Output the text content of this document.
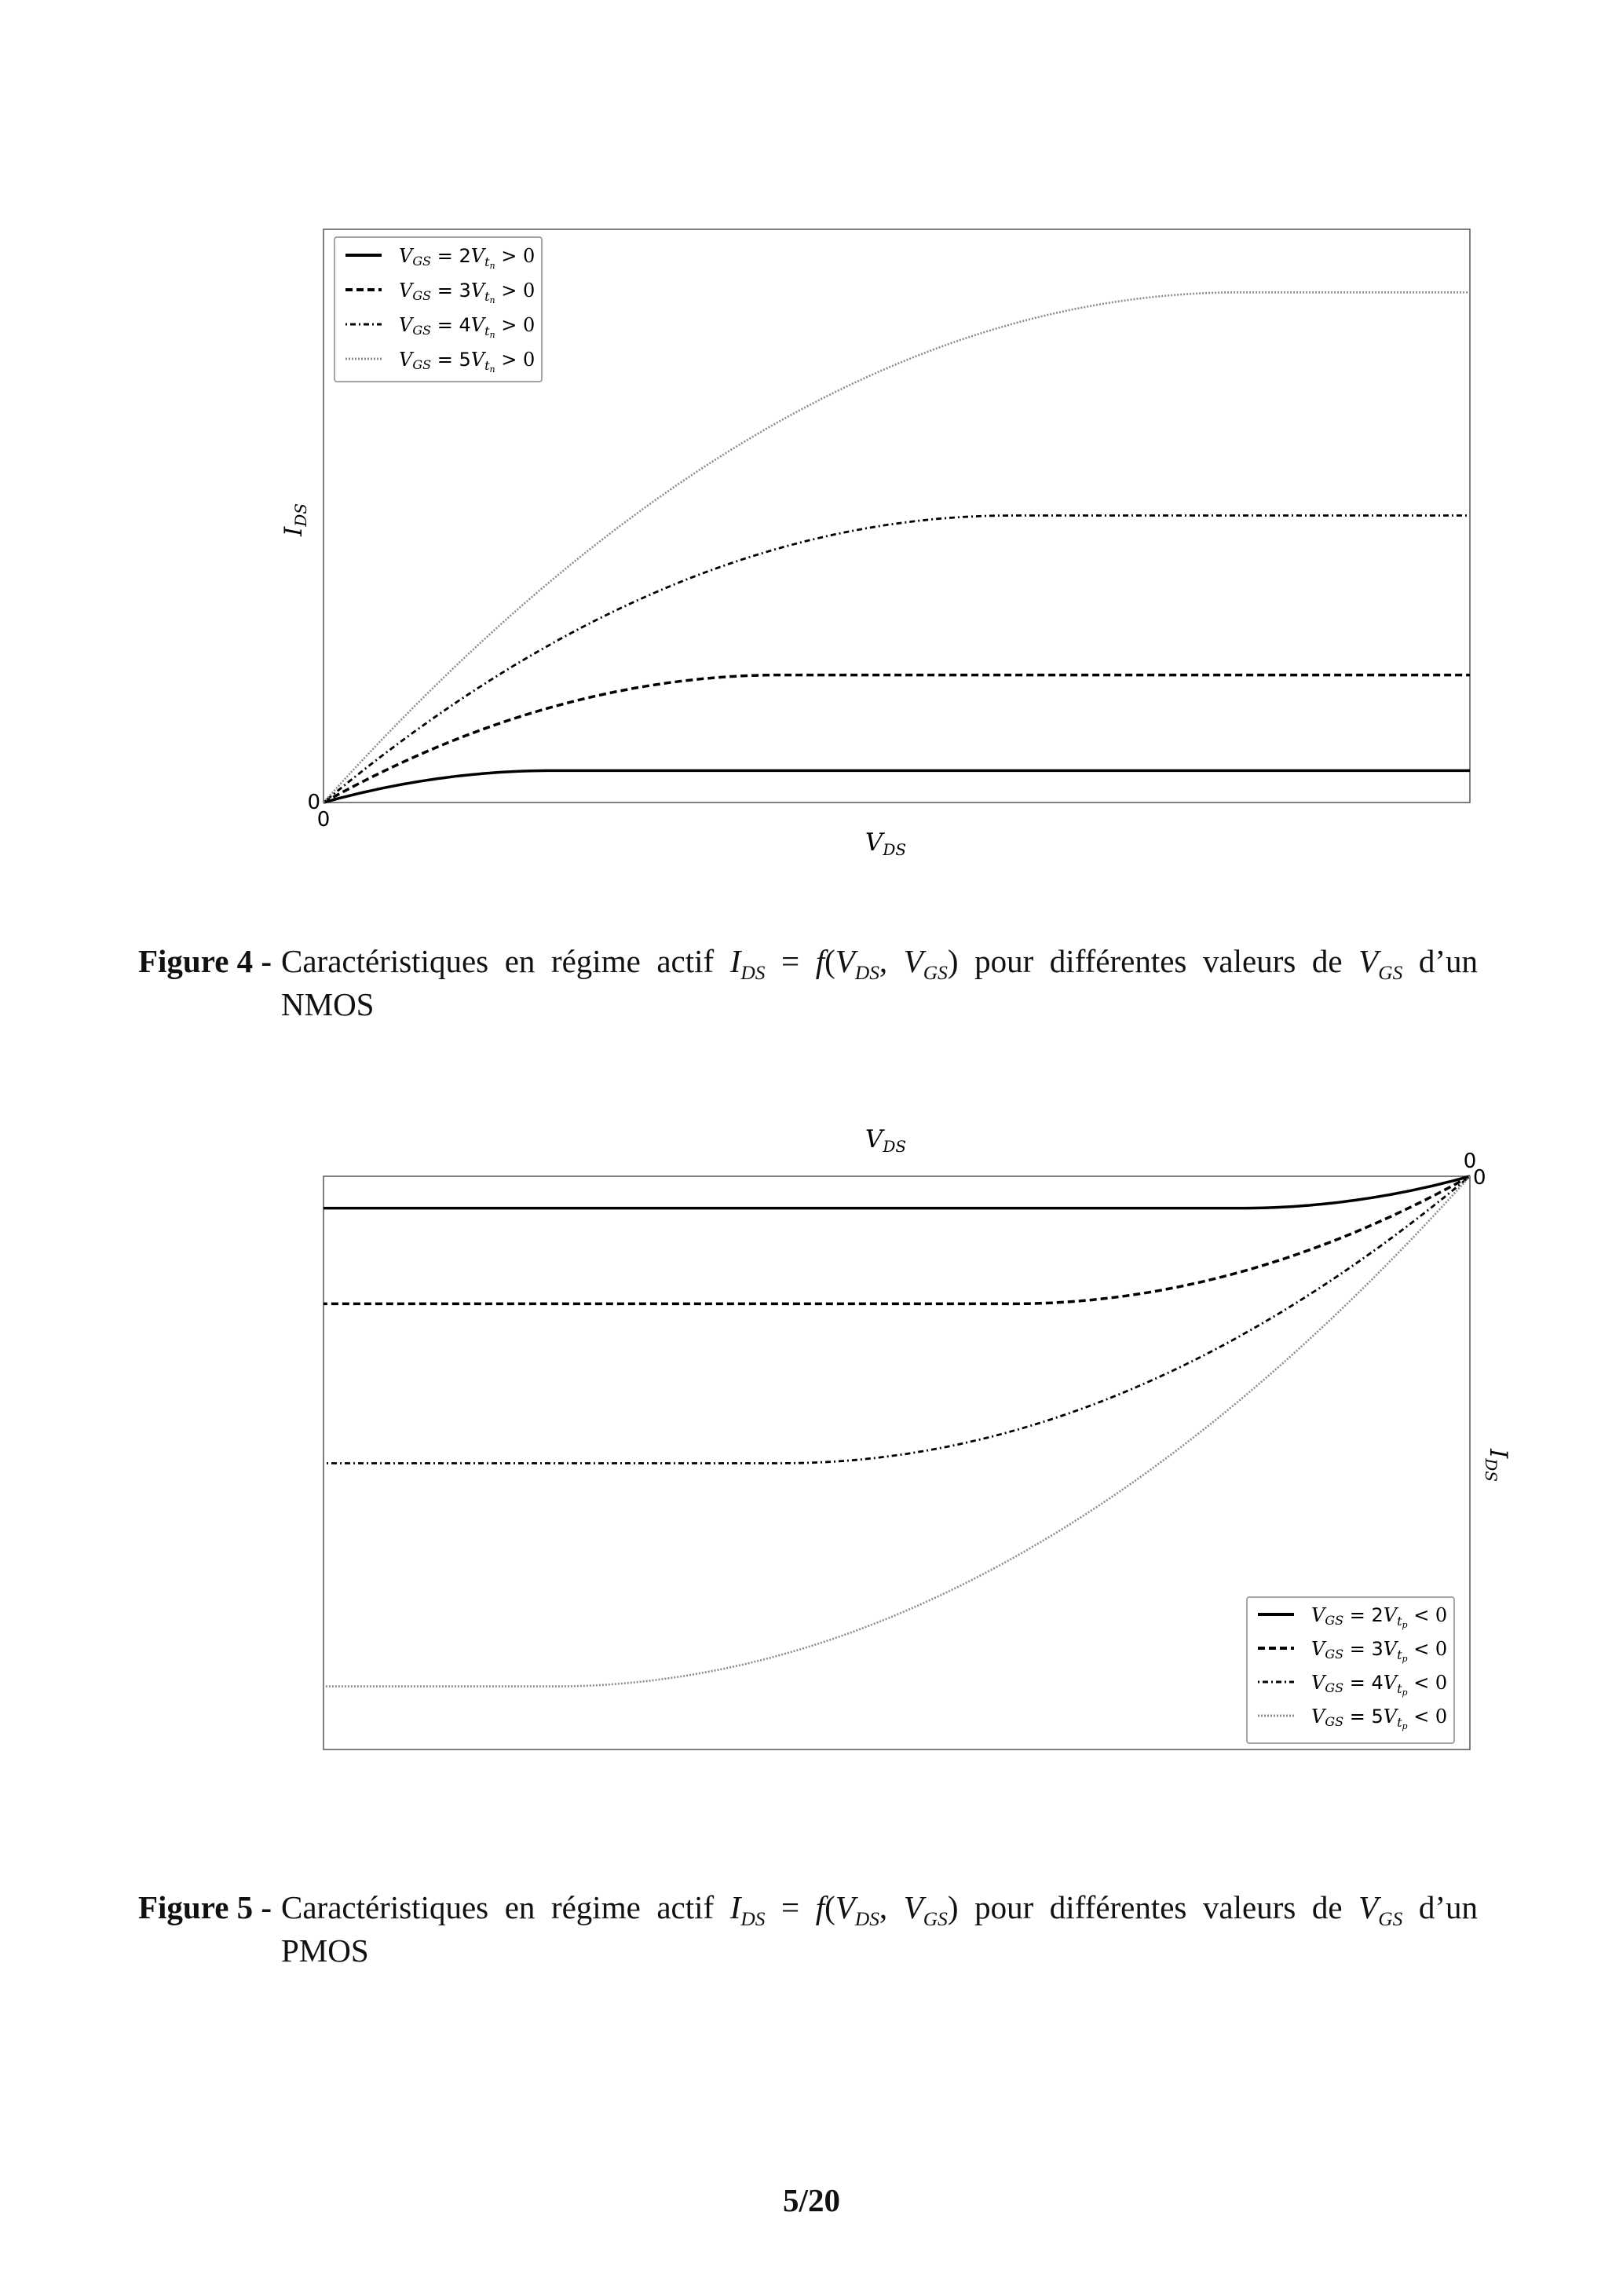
0
0
VDS
IDS
VGS = $2V_tn > 0$
VGS = $3V_tn > 0$
VGS = $4V_tn > 0$
VGS = $5V_tn > 0$
0
0
VDS
IDS
VGS = $2V_tp < 0$
VGS = $3V_tp < 0$
VGS = $4V_tp < 0$
VGS = $5V_tp < 0$
Figure 4 - Caractéristiques en régime actif $I_{DS} = f(V_{DS}$, $V_{GS}$) pour différentes valeurs de $V_{GS}$ d’un
NMOS
Figure 5 - Caractéristiques en régime actif $I_{DS} = f(V_{DS}$, $V_{GS}$) pour différentes valeurs de $V_{GS}$ d’un
PMOS
5/20
